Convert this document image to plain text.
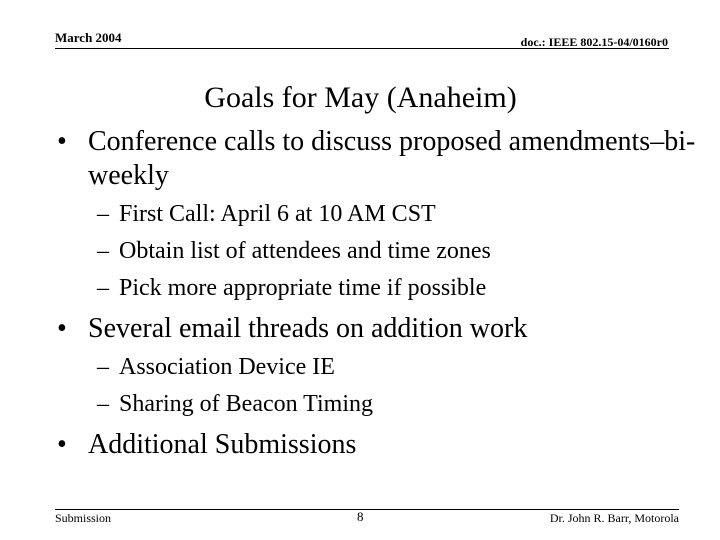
March 2004	doc.: IEEE 802.15-04/0160r0
Goals for May (Anaheim)
• Conference calls to discuss proposed amendments–bi-weekly
– First Call: April 6 at 10 AM CST
– Obtain list of attendees and time zones
– Pick more appropriate time if possible
• Several email threads on addition work
– Association Device IE
– Sharing of Beacon Timing
• Additional Submissions
Submission	8	Dr. John R. Barr, Motorola
